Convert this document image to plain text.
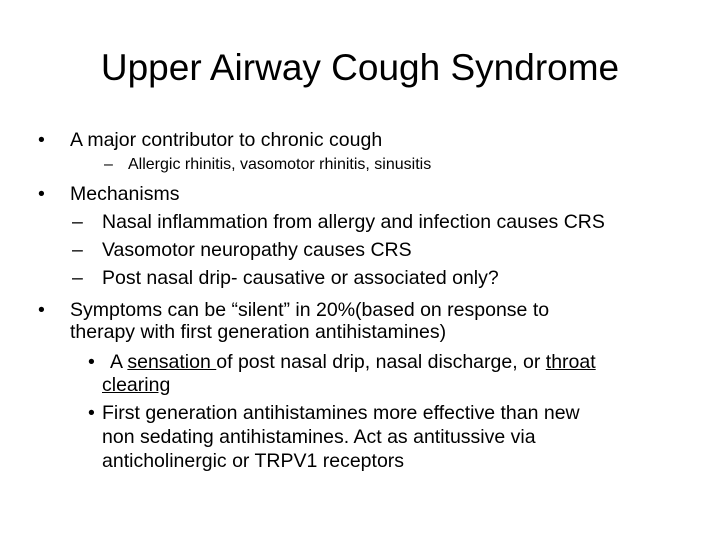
Upper Airway Cough Syndrome
• A major contributor to chronic cough
– Allergic rhinitis, vasomotor rhinitis, sinusitis
• Mechanisms
– Nasal inflammation from allergy and infection causes CRS
– Vasomotor neuropathy causes CRS
– Post nasal drip- causative or associated only?
• Symptoms can be “silent” in 20%(based on response to
therapy with first generation antihistamines)
• A sensation of post nasal drip, nasal discharge, or throat
clearing
• First generation antihistamines more effective than new
non sedating antihistamines. Act as antitussive via
anticholinergic or TRPV1 receptors
